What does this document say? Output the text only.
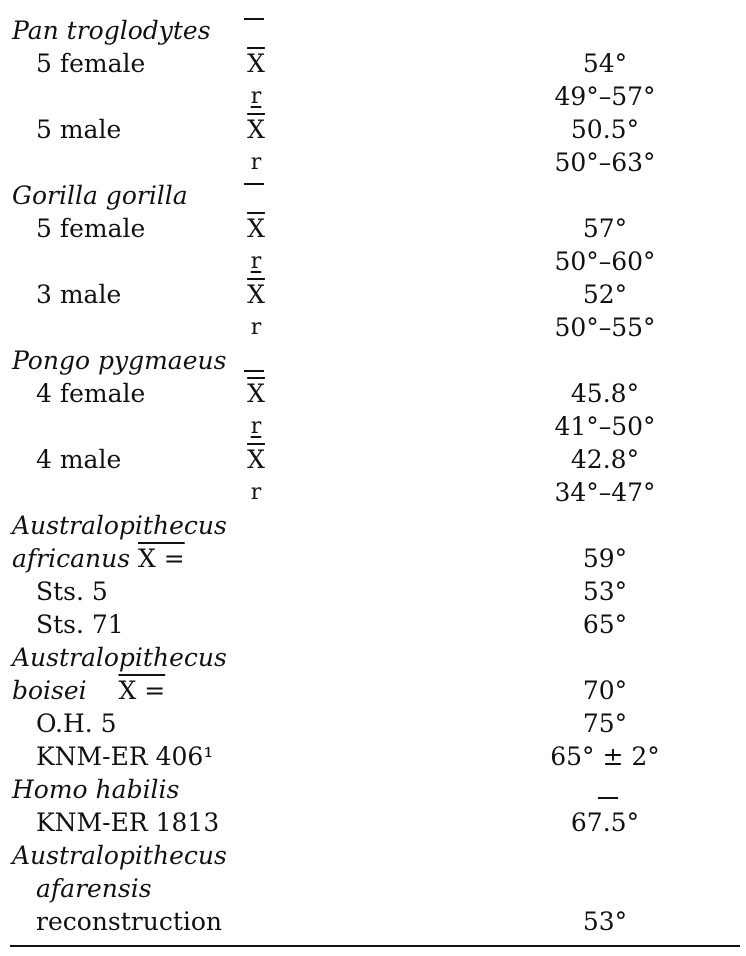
Pan troglodytes
5 female	$\overline{X}$	54°
r	49°–57°
5 male	$\overline{X}$	50.5°
r	50°–63°
Gorilla gorilla
5 female	$\overline{X}$	57°
r	50°–60°
3 male	$\overline{X}$	52°
r	50°–55°
Pongo pygmaeus
4 female	$\overline{X}$	45.8°
r	41°–50°
4 male	$\overline{X}$	42.8°
r	34°–47°
Australopithecus
africanus X =	59°
Sts. 5	53°
Sts. 71	65°
Australopithecus
boisei X =	70°
O.H. 5	75°
KNM-ER 406¹	65° ± 2°
Homo habilis
KNM-ER 1813	67.5°
Australopithecus
afarensis
reconstruction	53°
